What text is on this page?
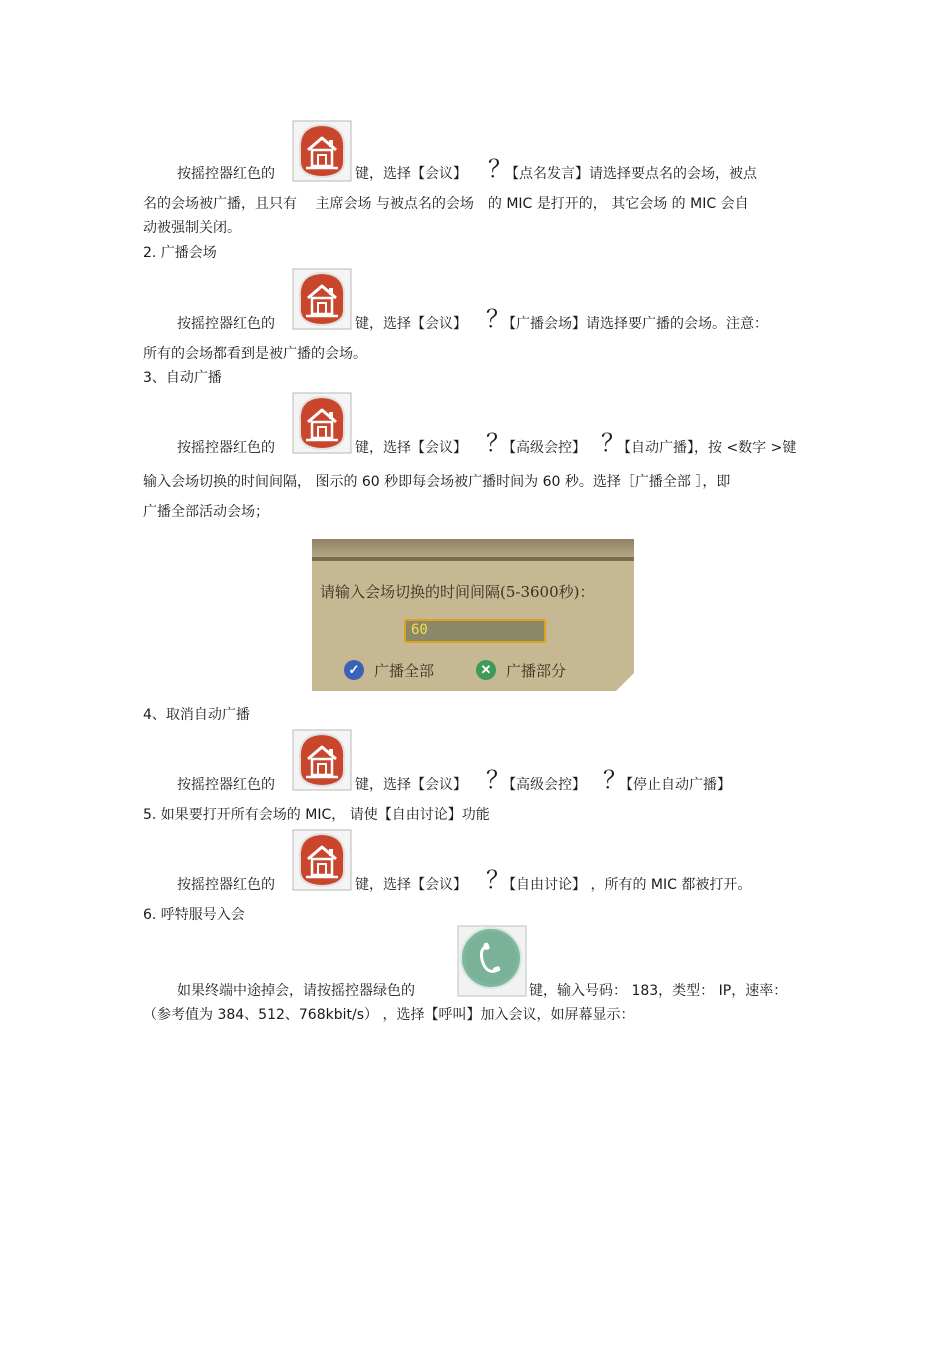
按摇控器红色的	键，选择【会议】 ？
【点名发言】请选择要点名的会场，被点
名的会场被广播，且只有　 主席会场 与被点名的会场　的 MIC 是打开的， 其它会场 的 MIC 会自
动被强制关闭。
2. 广播会场
按摇控器红色的	键，选择【会议】 ？
【广播会场】请选择要广播的会场。注意：
所有的会场都看到是被广播的会场。
3、自动广播
按摇控器红色的	键，选择【会议】 ？
【高级会控】 ？
【自动广播】，按 <数字 >键
输入会场切换的时间间隔， 图示的 60 秒即每会场被广播时间为 60 秒。选择［广播全部 ］，即
广播全部活动会场；
请输入会场切换的时间间隔(5-3600秒)：
60
✓ 广播全部	✕ 广播部分
4、取消自动广播
按摇控器红色的	键，选择【会议】 ？
【高级会控】 ？
【停止自动广播】
5. 如果要打开所有会场的 MIC， 请使【自由讨论】功能
按摇控器红色的	键，选择【会议】 ？
【自由讨论】 ，所有的 MIC 都被打开。
6. 呼特服号入会
如果终端中途掉会，请按摇控器绿色的	键，输入号码： 183，类型： IP，速率：
（参考值为 384、512、768kbit/s） ，选择【呼叫】加入会议，如屏幕显示：
